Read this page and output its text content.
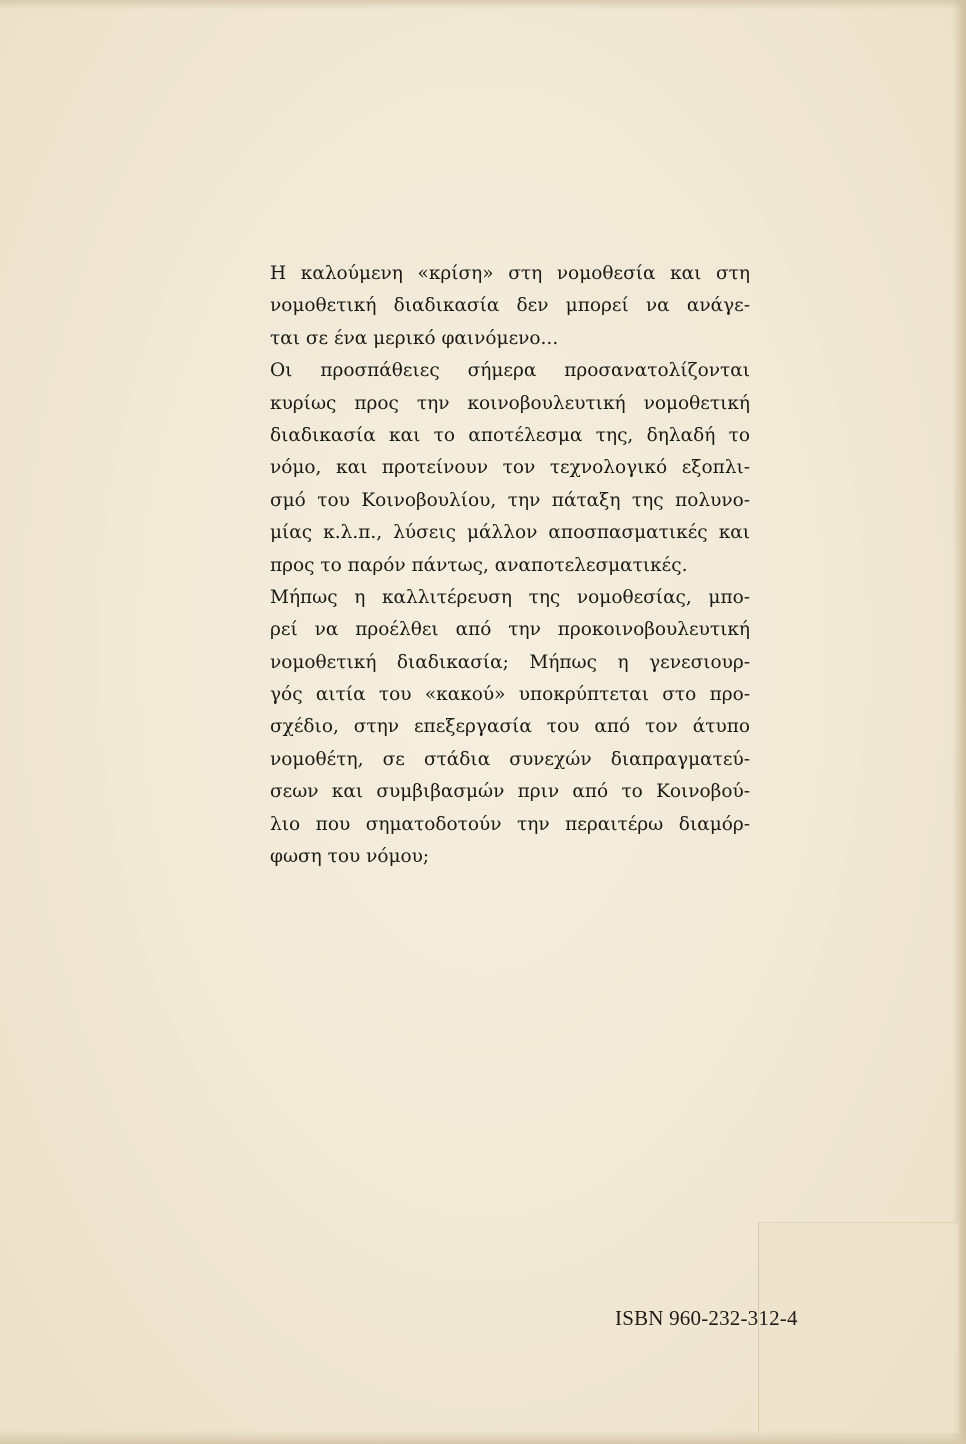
Η καλούμενη «κρίση» στη νομοθεσία και στη
νομοθετική διαδικασία δεν μπορεί να ανάγε-
ται σε ένα μερικό φαινόμενο...
Οι προσπάθειες σήμερα προσανατολίζονται
κυρίως προς την κοινοβουλευτική νομοθετική
διαδικασία και το αποτέλεσμα της, δηλαδή το
νόμο, και προτείνουν τον τεχνολογικό εξοπλι-
σμό του Κοινοβουλίου, την πάταξη της πολυνο-
μίας κ.λ.π., λύσεις μάλλον αποσπασματικές και
προς το παρόν πάντως, αναποτελεσματικές.
Μήπως η καλλιτέρευση της νομοθεσίας, μπο-
ρεί να προέλθει από την προκοινοβουλευτική
νομοθετική διαδικασία; Μήπως η γενεσιουρ-
γός αιτία του «κακού» υποκρύπτεται στο προ-
σχέδιο, στην επεξεργασία του από τον άτυπο
νομοθέτη, σε στάδια συνεχών διαπραγματεύ-
σεων και συμβιβασμών πριν από το Κοινοβού-
λιο που σηματοδοτούν την περαιτέρω διαμόρ-
φωση του νόμου;
ISBN 960-232-312-4
